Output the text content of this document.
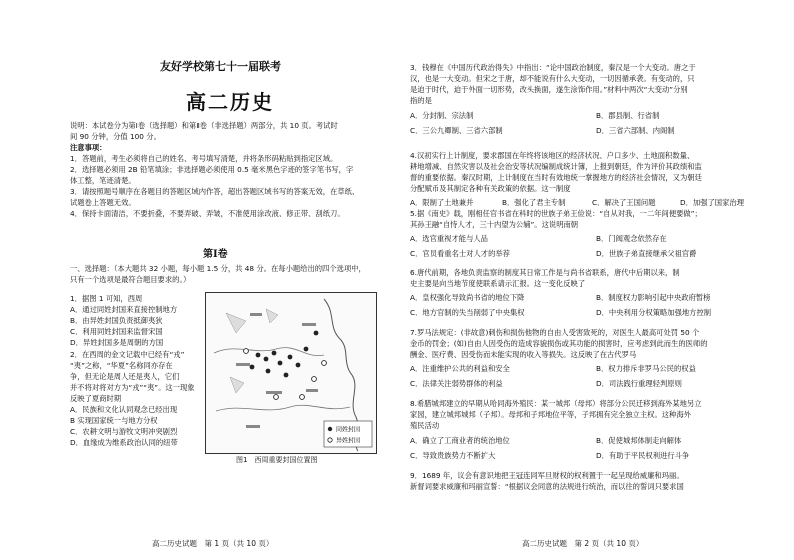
友好学校第七十一届联考
高二历史
说明：本试卷分为第Ⅰ卷（选择题）和第Ⅱ卷（非选择题）两部分，共 10 页。考试时
间 90 分钟，分值 100 分。
注意事项：
1．答题前，考生必须将自己的姓名、考号填写清楚，并将条形码粘贴到指定区域。
2．选择题必须用 2B 铅笔填涂；非选择题必须使用 0.5 毫米黑色字迹的签字笔书写，字
体工整，笔迹清楚。
3．请按照题号顺序在各题目的答题区域内作答，超出答题区域书写的答案无效，在草纸、
试题卷上答题无效。
4．保持卡面清洁，不要折叠，不要弄破、弄皱，不准使用涂改液、修正带、刮纸刀。
第Ⅰ卷
一、选择题：（本大题共 32 小题，每小题 1.5 分，共 48 分。在每小题给出的四个选项中，
只有一个选项是最符合题目要求的。）
1．据图 1 可知，西周
A．通过同姓封国来直接控制地方
B．由异姓封国负责抵御夷狄
C．利用同姓封国来监督宋国
D．异姓封国多是周朝的方国
2．在西周的金文记载中已经有“戎”
“夷”之称，“华夏”名称同亦存在
争，但无论是周人还是夷人，它们
并不将对将对方为“戎”“夷”。这一现象
反映了夏商时期
A．民族和文化认同观念已经出现
B 实现国家统一与地方分权
C．农耕文明与游牧文明冲突剧烈
D．血缘成为维系政治认同的纽带
同姓封国
异姓封国
图1　西周重要封国位置图
高二历史试题　第 1 页（共 10 页）
3．钱穆在《中国历代政治得失》中指出：“论中国政治制度，秦汉是一个大变动。唐之于
汉，也是一大变动。但宋之于唐，却不能说有什么大变动，一切因循承袭。有变动的，只
是迫于时代，迫于外面一切形势，改头换面，遂生涂饰作用。”材料中两次“大变动”分别
指的是
A．分封制、宗法制	B．郡县制、行省制
C．三公九卿制、三省六部制	D．三省六部制、内阁制
4.汉初实行上计制度，要求郡国在年终将该地区的经济状况、户口多少、土地面积数量、
耕地增减、自然灾害以及社会治安等状况编制成统计簿，上报到朝廷，作为评价其政绩和监
督的重要依据。秦汉时期，上计制度在当时有效地统一掌握地方的经济社会情况，又为朝廷
分配赋币及其制定各种有关政策的依据。这一制度
A．限制了土地兼并	B．强化了君主专制	C．解决了王国问题	D．加强了国家治理
5.据《南史》载，刚相任官书省在科时的世族子弟王俭说：“自从对我，一二年间便要做”；
其孙王融“自恃人才，三十内望为公辅”。这说明南朝
A．选官重视才能与人品	B．门阀观念依然存在
C．官员看重名士对人才的举荐	D．世族子弟直接继承父祖官爵
6.唐代前期，各地负责监察的制度其日常工作是与尚书省联系，唐代中后期以来，制
史主要是向当地节度使联系请示汇报。这一变化反映了
A．皇权强化导致尚书省的地位下降	B．制度权力影响引起中央政府暂榜
C．地方官制的失当削弱了中央集权	D．中央利用分权策略加强地方控制
7.罗马法规定：(非故意)刺伤和损伤他物的自由人受害致死的，对医生人最高可处罚 50 个
金币的罚金；(如)自由人因受伤的造成容貌损伤或其功能的损害时，应考虑到此而生的医师的
酬金、医疗费、因受伤而未能实现的收入等损失。这反映了在古代罗马
A．注重维护公共的利益和安全	B．权力排斥非罗马公民的权益
C．法律关注弱势群体的利益	D．司法践行重理轻判原则
8.希腊城邦建立的早期从哈同海外殖民：某一城邦（母邦）将部分公民迁移到海外某地另立
家园，建立城邦城邦（子邦）。母邦和子邦地位平等，子邦拥有完全独立主权。这种海外
殖民活动
A．确立了工商业者的统治地位	B．促使城邦体制走向解体
C．导致贵族势力不断扩大	D．有助于平民权利进行斗争
9．1689 年，议会有意识地把王冠连同军旦财权的权利置于一起呈现给威廉和玛丽。
新督词要求威廉和玛丽宣誓：“根据议会同意的法规进行统治，而以往的誓词只要求国
高二历史试题　第 2 页（共 10 页）
